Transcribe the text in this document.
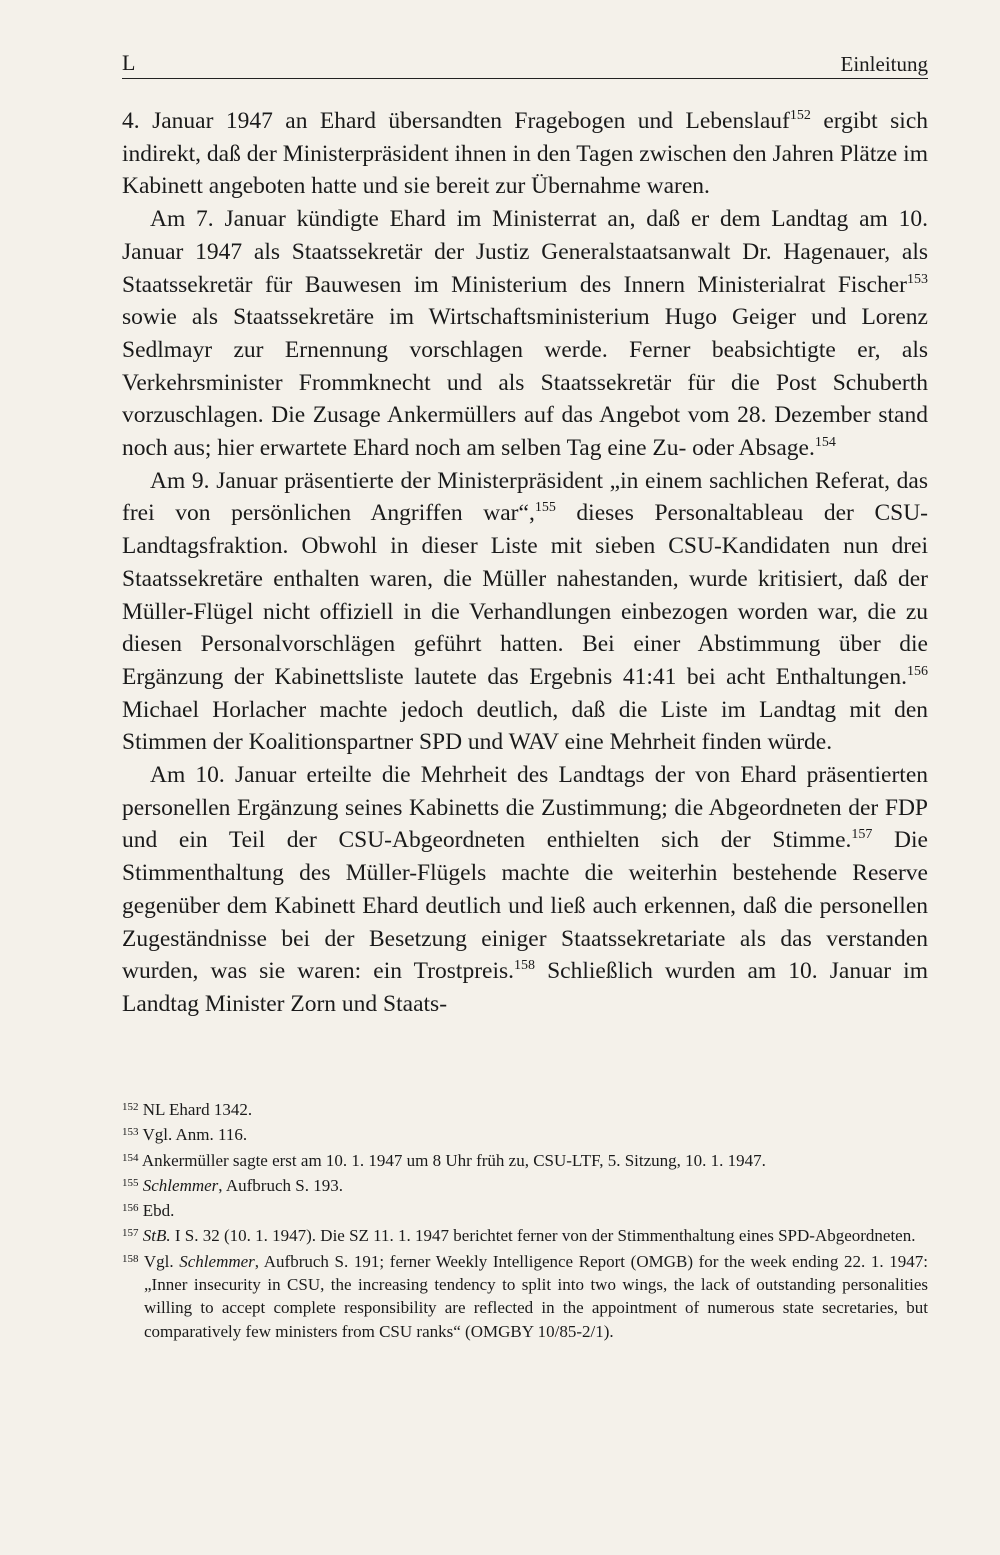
L	Einleitung

4. Januar 1947 an Ehard übersandten Fragebogen und Lebenslauf$^{152}$ ergibt sich indirekt, daß der Ministerpräsident ihnen in den Tagen zwischen den Jahren Plätze im Kabinett angeboten hatte und sie bereit zur Übernahme waren.

Am 7. Januar kündigte Ehard im Ministerrat an, daß er dem Landtag am 10. Januar 1947 als Staatssekretär der Justiz Generalstaatsanwalt Dr. Hagenauer, als Staatssekretär für Bauwesen im Ministerium des Innern Ministerialrat Fischer$^{153}$ sowie als Staatssekretäre im Wirtschaftsministerium Hugo Geiger und Lorenz Sedlmayr zur Ernennung vorschlagen werde. Ferner beabsichtigte er, als Verkehrsminister Frommknecht und als Staatssekretär für die Post Schuberth vorzuschlagen. Die Zusage Ankermüllers auf das Angebot vom 28. Dezember stand noch aus; hier erwartete Ehard noch am selben Tag eine Zu- oder Absage.$^{154}$

Am 9. Januar präsentierte der Ministerpräsident „in einem sachlichen Referat, das frei von persönlichen Angriffen war“,$^{155}$ dieses Personaltableau der CSU-Landtagsfraktion. Obwohl in dieser Liste mit sieben CSU-Kandidaten nun drei Staatssekretäre enthalten waren, die Müller nahestanden, wurde kritisiert, daß der Müller-Flügel nicht offiziell in die Verhandlungen einbezogen worden war, die zu diesen Personalvorschlägen geführt hatten. Bei einer Abstimmung über die Ergänzung der Kabinettsliste lautete das Ergebnis 41:41 bei acht Enthaltungen.$^{156}$ Michael Horlacher machte jedoch deutlich, daß die Liste im Landtag mit den Stimmen der Koalitionspartner SPD und WAV eine Mehrheit finden würde.

Am 10. Januar erteilte die Mehrheit des Landtags der von Ehard präsentierten personellen Ergänzung seines Kabinetts die Zustimmung; die Abgeordneten der FDP und ein Teil der CSU-Abgeordneten enthielten sich der Stimme.$^{157}$ Die Stimmenthaltung des Müller-Flügels machte die weiterhin bestehende Reserve gegenüber dem Kabinett Ehard deutlich und ließ auch erkennen, daß die personellen Zugeständnisse bei der Besetzung einiger Staatssekretariate als das verstanden wurden, was sie waren: ein Trostpreis.$^{158}$ Schließlich wurden am 10. Januar im Landtag Minister Zorn und Staats-

$^{152}$ NL Ehard 1342.
$^{153}$ Vgl. Anm. 116.
$^{154}$ Ankermüller sagte erst am 10. 1. 1947 um 8 Uhr früh zu, CSU-LTF, 5. Sitzung, 10. 1. 1947.
$^{155}$ Schlemmer, Aufbruch S. 193.
$^{156}$ Ebd.
$^{157}$ StB. I S. 32 (10. 1. 1947). Die SZ 11. 1. 1947 berichtet ferner von der Stimmenthaltung eines SPD-Abgeordneten.
$^{158}$ Vgl. Schlemmer, Aufbruch S. 191; ferner Weekly Intelligence Report (OMGB) for the week ending 22. 1. 1947: „Inner insecurity in CSU, the increasing tendency to split into two wings, the lack of outstanding personalities willing to accept complete responsibility are reflected in the appointment of numerous state secretaries, but comparatively few ministers from CSU ranks“ (OMGBY 10/85-2/1).
